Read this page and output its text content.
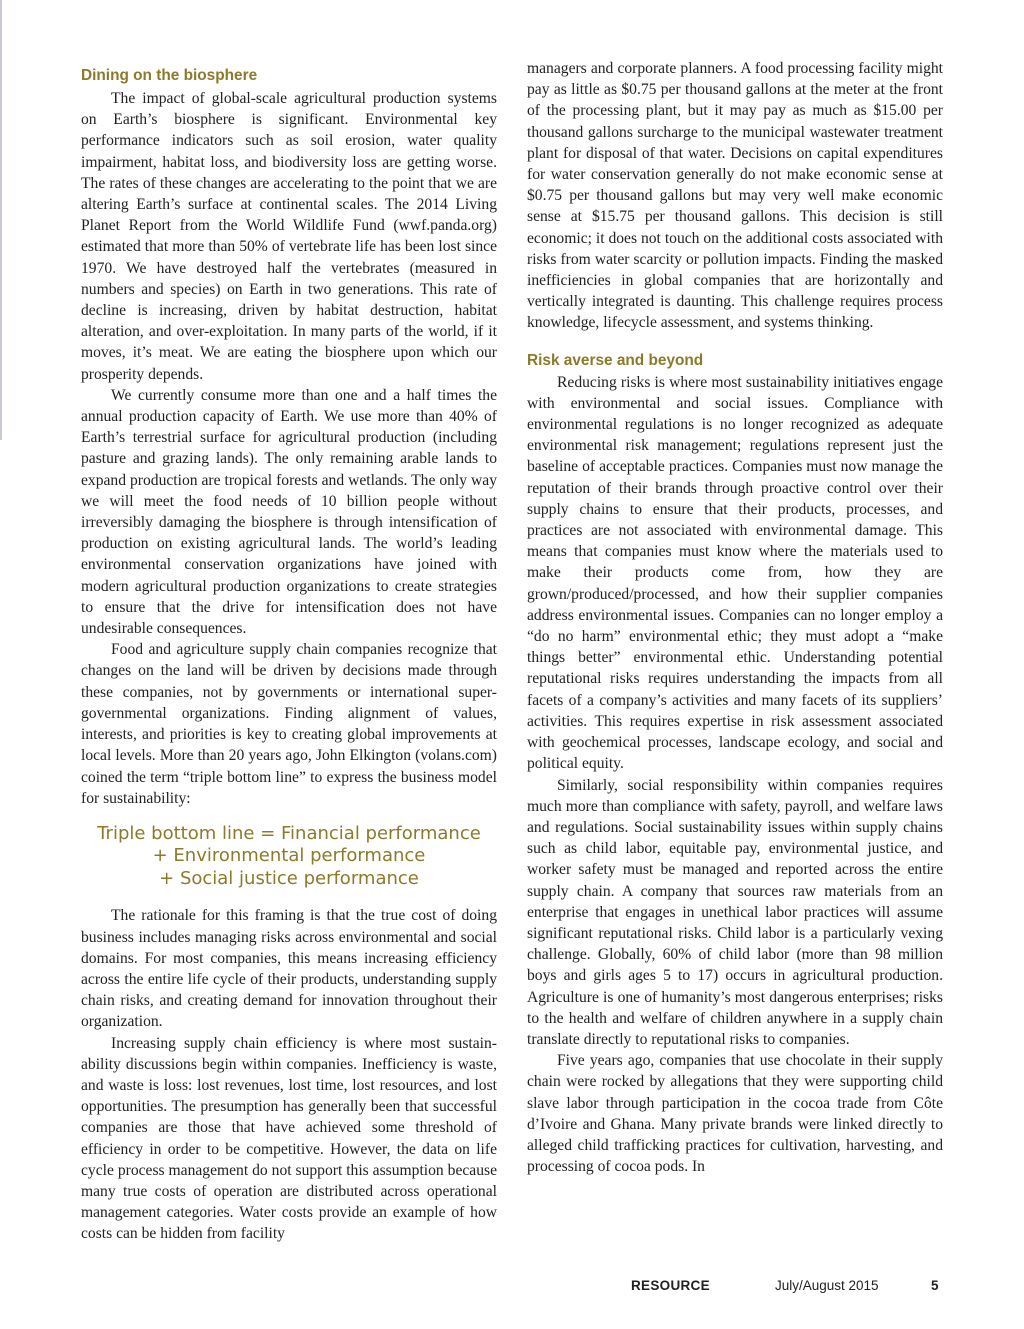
Dining on the biosphere

The impact of global-scale agricultural production systems on Earth’s biosphere is significant. Environmental key performance indicators such as soil erosion, water quality impairment, habitat loss, and biodiversity loss are getting worse. The rates of these changes are accelerating to the point that we are altering Earth’s surface at continental scales. The 2014 Living Planet Report from the World Wildlife Fund (wwf.panda.org) estimated that more than 50% of vertebrate life has been lost since 1970. We have destroyed half the vertebrates (measured in numbers and species) on Earth in two generations. This rate of decline is increasing, driven by habitat destruction, habitat alteration, and over-exploitation. In many parts of the world, if it moves, it’s meat. We are eating the biosphere upon which our prosperity depends.

We currently consume more than one and a half times the annual production capacity of Earth. We use more than 40% of Earth’s terrestrial surface for agricultural production (including pasture and grazing lands). The only remaining arable lands to expand production are tropical forests and wetlands. The only way we will meet the food needs of 10 billion people without irreversibly damaging the biosphere is through intensification of production on existing agricultural lands. The world’s leading environmental conservation organizations have joined with modern agricultural production organizations to create strategies to ensure that the drive for intensification does not have undesirable consequences.

Food and agriculture supply chain companies recognize that changes on the land will be driven by decisions made through these companies, not by governments or international super-governmental organizations. Finding alignment of values, interests, and priorities is key to creating global improvements at local levels. More than 20 years ago, John Elkington (volans.com) coined the term “triple bottom line” to express the business model for sustainability:

Triple bottom line = Financial performance
+ Environmental performance
+ Social justice performance

The rationale for this framing is that the true cost of doing business includes managing risks across environmental and social domains. For most companies, this means increasing efficiency across the entire life cycle of their products, understanding supply chain risks, and creating demand for innovation throughout their organization.

Increasing supply chain efficiency is where most sustainability discussions begin within companies. Inefficiency is waste, and waste is loss: lost revenues, lost time, lost resources, and lost opportunities. The presumption has generally been that successful companies are those that have achieved some threshold of efficiency in order to be competitive. However, the data on life cycle process management do not support this assumption because many true costs of operation are distributed across operational management categories. Water costs provide an example of how costs can be hidden from facility

managers and corporate planners. A food processing facility might pay as little as $0.75 per thousand gallons at the meter at the front of the processing plant, but it may pay as much as $15.00 per thousand gallons surcharge to the municipal wastewater treatment plant for disposal of that water. Decisions on capital expenditures for water conservation generally do not make economic sense at $0.75 per thousand gallons but may very well make economic sense at $15.75 per thousand gallons. This decision is still economic; it does not touch on the additional costs associated with risks from water scarcity or pollution impacts. Finding the masked inefficiencies in global companies that are horizontally and vertically integrated is daunting. This challenge requires process knowledge, lifecycle assessment, and systems thinking.

Risk averse and beyond

Reducing risks is where most sustainability initiatives engage with environmental and social issues. Compliance with environmental regulations is no longer recognized as adequate environmental risk management; regulations represent just the baseline of acceptable practices. Companies must now manage the reputation of their brands through proactive control over their supply chains to ensure that their products, processes, and practices are not associated with environmental damage. This means that companies must know where the materials used to make their products come from, how they are grown/produced/processed, and how their supplier companies address environmental issues. Companies can no longer employ a “do no harm” environmental ethic; they must adopt a “make things better” environmental ethic. Understanding potential reputational risks requires understanding the impacts from all facets of a company’s activities and many facets of its suppliers’ activities. This requires expertise in risk assessment associated with geochemical processes, landscape ecology, and social and political equity.

Similarly, social responsibility within companies requires much more than compliance with safety, payroll, and welfare laws and regulations. Social sustainability issues within supply chains such as child labor, equitable pay, environmental justice, and worker safety must be managed and reported across the entire supply chain. A company that sources raw materials from an enterprise that engages in unethical labor practices will assume significant reputational risks. Child labor is a particularly vexing challenge. Globally, 60% of child labor (more than 98 million boys and girls ages 5 to 17) occurs in agricultural production. Agriculture is one of humanity’s most dangerous enterprises; risks to the health and welfare of children anywhere in a supply chain translate directly to reputational risks to companies.

Five years ago, companies that use chocolate in their supply chain were rocked by allegations that they were supporting child slave labor through participation in the cocoa trade from Côte d’Ivoire and Ghana. Many private brands were linked directly to alleged child trafficking practices for cultivation, harvesting, and processing of cocoa pods. In

RESOURCE	July/August 2015	5
